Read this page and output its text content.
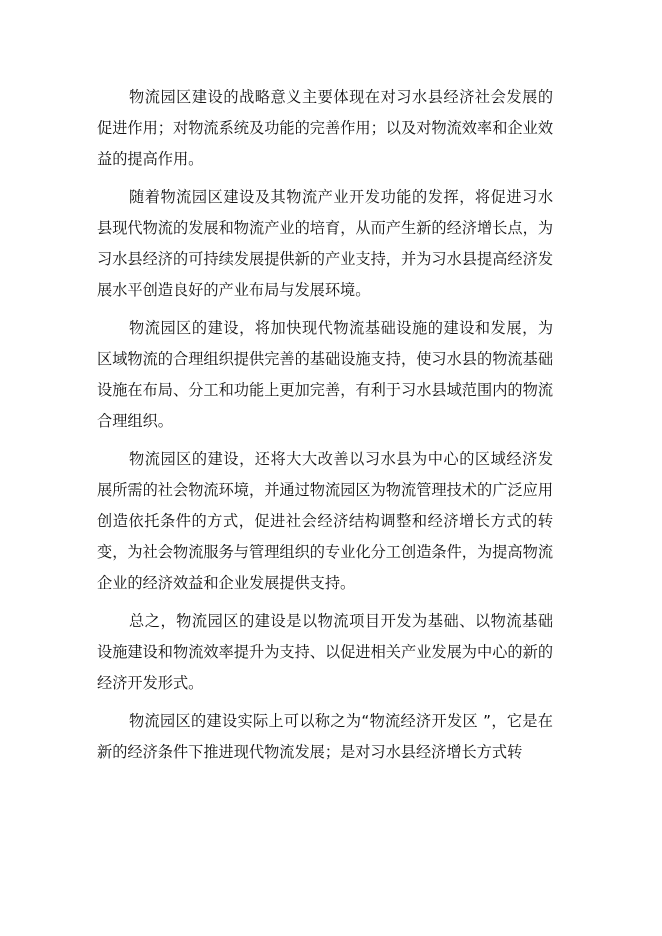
物流园区建设的战略意义主要体现在对习水县经济社会发展的促进作用；对物流系统及功能的完善作用；以及对物流效率和企业效益的提高作用。

随着物流园区建设及其物流产业开发功能的发挥，将促进习水县现代物流的发展和物流产业的培育，从而产生新的经济增长点，为习水县经济的可持续发展提供新的产业支持，并为习水县提高经济发展水平创造良好的产业布局与发展环境。

物流园区的建设，将加快现代物流基础设施的建设和发展，为区域物流的合理组织提供完善的基础设施支持，使习水县的物流基础设施在布局、分工和功能上更加完善，有利于习水县域范围内的物流合理组织。

物流园区的建设，还将大大改善以习水县为中心的区域经济发展所需的社会物流环境，并通过物流园区为物流管理技术的广泛应用创造依托条件的方式，促进社会经济结构调整和经济增长方式的转变，为社会物流服务与管理组织的专业化分工创造条件，为提高物流企业的经济效益和企业发展提供支持。

总之，物流园区的建设是以物流项目开发为基础、以物流基础设施建设和物流效率提升为支持、以促进相关产业发展为中心的新的经济开发形式。

物流园区的建设实际上可以称之为“物流经济开发区 ”，它是在新的经济条件下推进现代物流发展；是对习水县经济增长方式转
